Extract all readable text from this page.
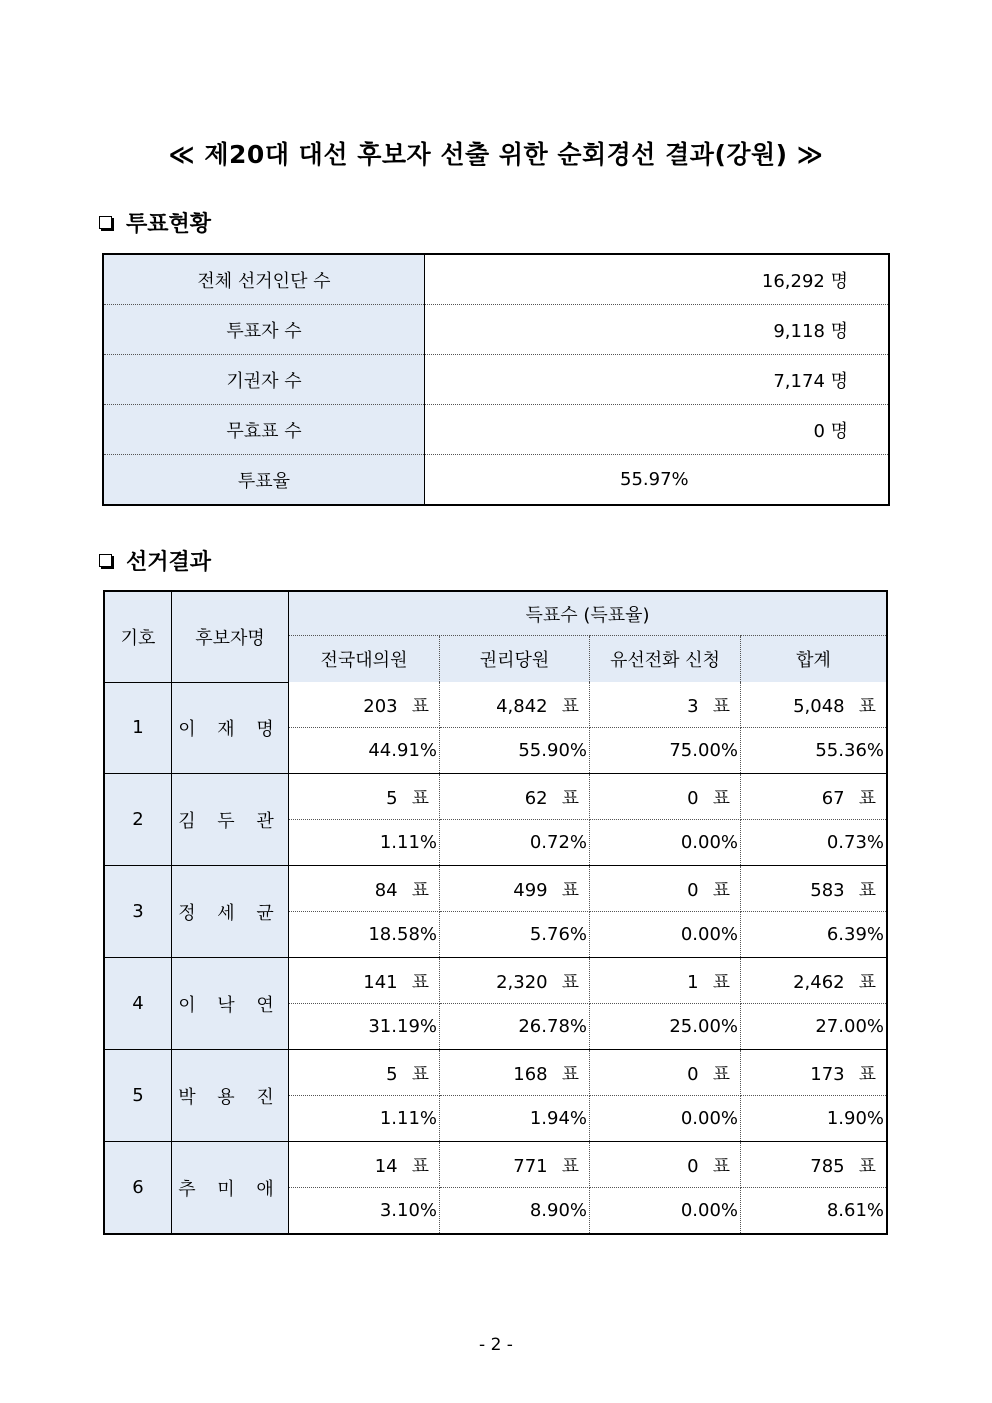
≪ 제20대 대선 후보자 선출 위한 순회경선 결과(강원) ≫
투표현황
전체 선거인단 수	16,292 명
투표자 수	9,118 명
기권자 수	7,174 명
무효표 수	0 명
투표율	55.97%
선거결과
기호	후보자명	득표수 (득표율)			
		전국대의원	권리당원	유선전화 신청	합계
1	이 재 명	203 표	4,842 표	3 표	5,048 표
		44.91%	55.90%	75.00%	55.36%
2	김 두 관	5 표	62 표	0 표	67 표
		1.11%	0.72%	0.00%	0.73%
3	정 세 균	84 표	499 표	0 표	583 표
		18.58%	5.76%	0.00%	6.39%
4	이 낙 연	141 표	2,320 표	1 표	2,462 표
		31.19%	26.78%	25.00%	27.00%
5	박 용 진	5 표	168 표	0 표	173 표
		1.11%	1.94%	0.00%	1.90%
6	추 미 애	14 표	771 표	0 표	785 표
		3.10%	8.90%	0.00%	8.61%
- 2 -
